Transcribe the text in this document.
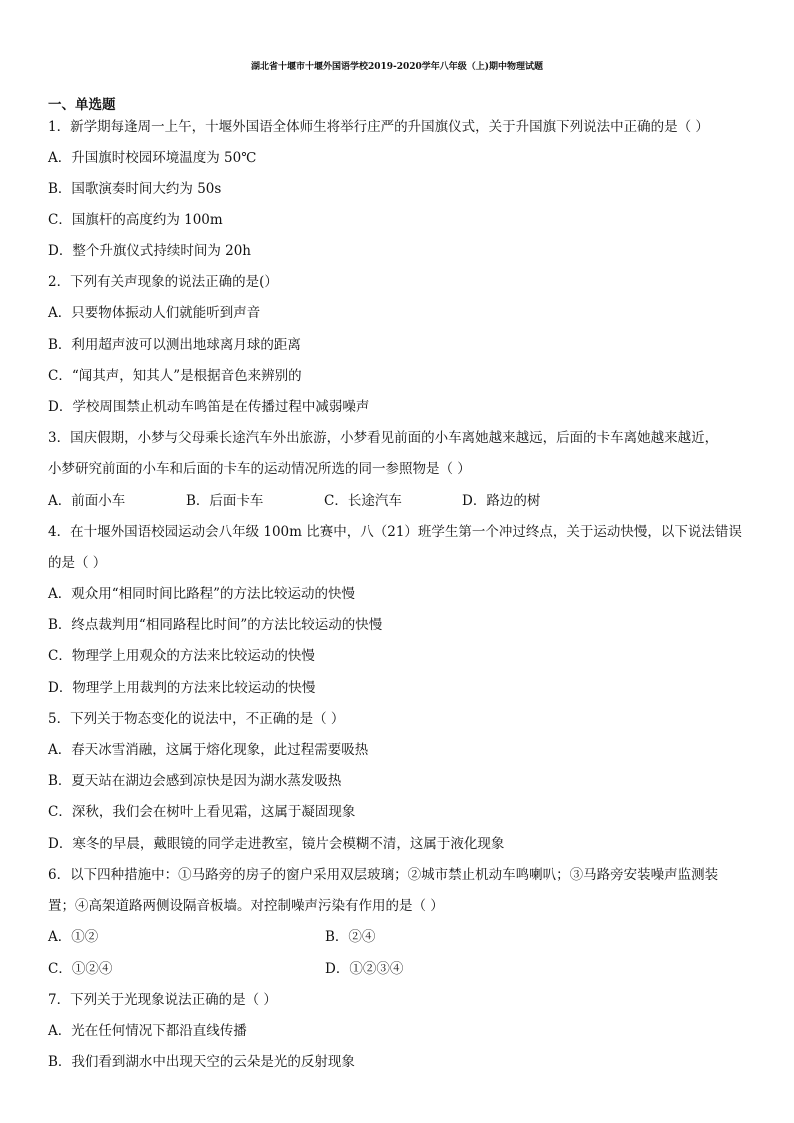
湖北省十堰市十堰外国语学校2019-2020学年八年级（上)期中物理试题
一、单选题
1．新学期每逢周一上午，十堰外国语全体师生将举行庄严的升国旗仪式，关于升国旗下列说法中正确的是（ ）
A．升国旗时校园环境温度为 50℃
B．国歌演奏时间大约为 50s
C．国旗杆的高度约为 100m
D．整个升旗仪式持续时间为 20h
2．下列有关声现象的说法正确的是(）
A．只要物体振动人们就能听到声音
B．利用超声波可以测出地球离月球的距离
C．“闻其声，知其人”是根据音色来辨别的
D．学校周围禁止机动车鸣笛是在传播过程中减弱噪声
3．国庆假期，小梦与父母乘长途汽车外出旅游，小梦看见前面的小车离她越来越远，后面的卡车离她越来越近，
小梦研究前面的小车和后面的卡车的运动情况所选的同一参照物是（ ）
A．前面小车	B．后面卡车	C．长途汽车	D．路边的树
4．在十堰外国语校园运动会八年级 100m 比赛中，八（21）班学生第一个冲过终点，关于运动快慢，以下说法错误
的是（ ）
A．观众用“相同时间比路程”的方法比较运动的快慢
B．终点裁判用“相同路程比时间”的方法比较运动的快慢
C．物理学上用观众的方法来比较运动的快慢
D．物理学上用裁判的方法来比较运动的快慢
5．下列关于物态变化的说法中，不正确的是（ ）
A．春天冰雪消融，这属于熔化现象，此过程需要吸热
B．夏天站在湖边会感到凉快是因为湖水蒸发吸热
C．深秋，我们会在树叶上看见霜，这属于凝固现象
D．寒冬的早晨，戴眼镜的同学走进教室，镜片会模糊不清，这属于液化现象
6．以下四种措施中：①马路旁的房子的窗户采用双层玻璃；②城市禁止机动车鸣喇叭；③马路旁安装噪声监测装
置；④高架道路两侧设隔音板墙。对控制噪声污染有作用的是（ ）
A．①②	B．②④
C．①②④	D．①②③④
7．下列关于光现象说法正确的是（ ）
A．光在任何情况下都沿直线传播
B．我们看到湖水中出现天空的云朵是光的反射现象
